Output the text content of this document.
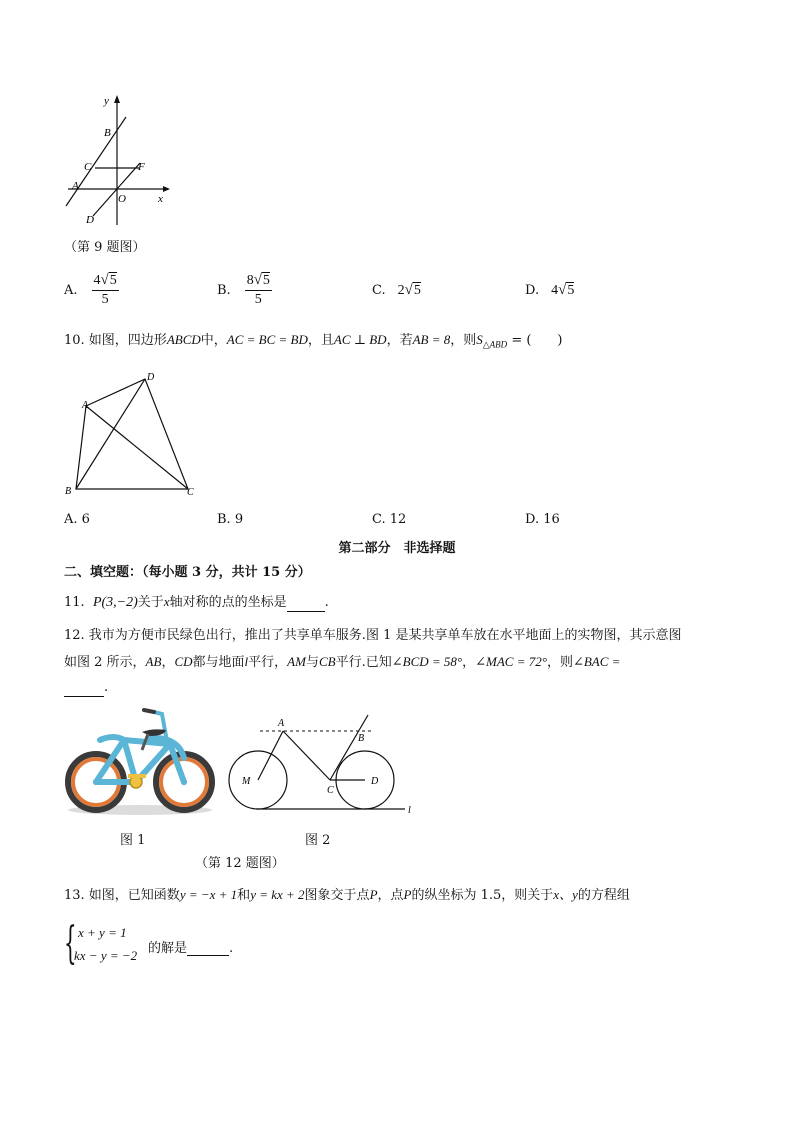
y
B
C	F
A
O	x
D
（第 9 题图）
A. $\frac{4√5}{5}$	B. $\frac{8√5}{5}$	C. 2√5	D. 4√5
10. 如图，四边形ABCD中，AC = BC = BD，且AC ⊥ BD，若AB = 8，则$S_{\triangle ABD}$ = (　　)
A
D
B	C
A. 6	B. 9	C. 12	D. 16
第二部分　非选择题
二、填空题：（每小题 3 分，共计 15 分）
11. P(3,−2)关于x轴对称的点的坐标是	.
12. 我市为方便市民绿色出行，推出了共享单车服务.图 1 是某共享单车放在水平地面上的实物图，其示意图
如图 2 所示，AB，CD都与地面l平行，AM与CB平行.已知∠BCD = 58°，∠MAC = 72°，则∠BAC =
.
图 1
A
B
M
C
D
l
图 2
（第 12 题图）
13. 如图，已知函数y = −x + 1和y = kx + 2图象交于点P，点P的纵坐标为 1.5，则关于x、y的方程组
{ x + y = 1
kx − y = −2 的解是	.
